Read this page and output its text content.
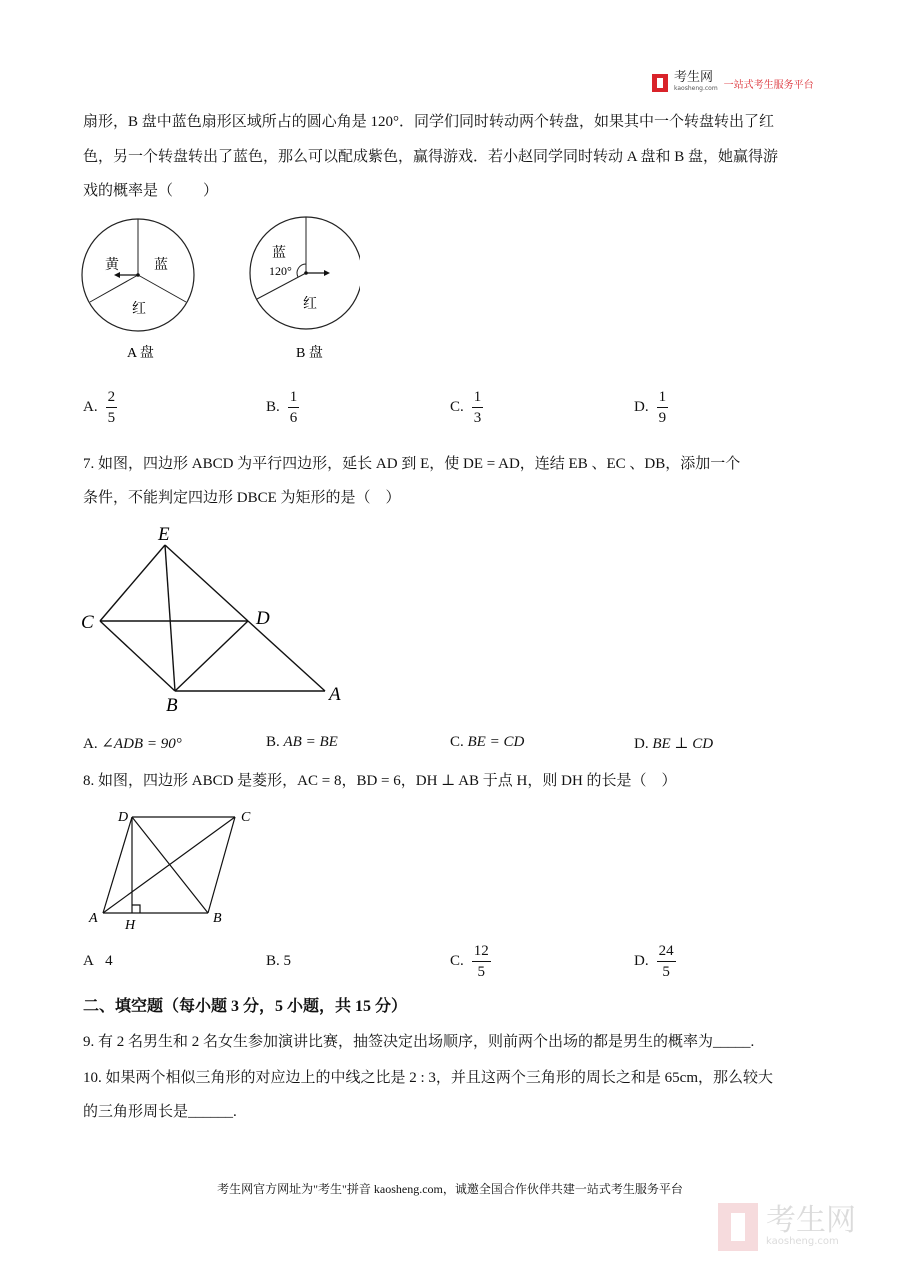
考生网
kaosheng.com 一站式考生服务平台
扇形，B 盘中蓝色扇形区域所占的圆心角是 120°．同学们同时转动两个转盘，如果其中一个转盘转出了红
色，另一个转盘转出了蓝色，那么可以配成紫色，赢得游戏．若小赵同学同时转动 A 盘和 B 盘，她赢得游
戏的概率是（　　）
黄	蓝
红
A 盘
蓝
120°
红
B 盘
A. $\frac{2}{5}$	B. $\frac{1}{6}$	C. $\frac{1}{3}$	D. $\frac{1}{9}$
7. 如图，四边形 ABCD 为平行四边形，延长 AD 到 E，使 DE = AD，连结 EB 、EC 、DB，添加一个
条件，不能判定四边形 DBCE 为矩形的是（　）
E
C	D
B
A
A. ∠ADB = 90°	B. AB = BE	C. BE = CD	D. BE ⊥ CD
8. 如图，四边形 ABCD 是菱形，AC = 8，BD = 6，DH ⊥ AB 于点 H，则 DH 的长是（　）
D	C
A	B
H
A 4	B. 5	C. $\frac{12}{5}$	D. $\frac{24}{5}$
二、填空题（每小题 3 分，5 小题，共 15 分）
9. 有 2 名男生和 2 名女生参加演讲比赛，抽签决定出场顺序，则前两个出场的都是男生的概率为_____.
10. 如果两个相似三角形的对应边上的中线之比是 2 : 3，并且这两个三角形的周长之和是 65cm，那么较大
的三角形周长是______.
考生网官方网址为"考生"拼音 kaosheng.com，诚邀全国合作伙伴共建一站式考生服务平台
考生网
kaosheng.com
